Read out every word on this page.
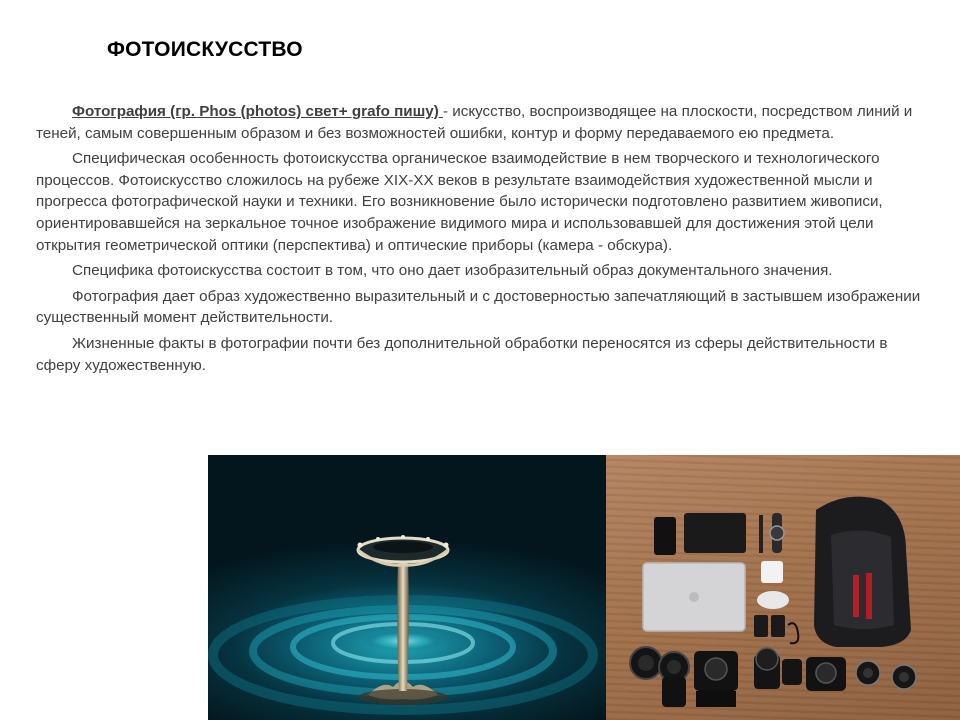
ФОТОИСКУССТВО

Фотография (гр. Phos (photos) свет+ grafo пишу) - искусство, воспроизводящее на плоскости, посредством линий и теней, самым совершенным образом и без возможностей ошибки, контур и форму передаваемого ею предмета.

Специфическая особенность фотоискусства органическое взаимодействие в нем творческого и технологического процессов. Фотоискусство сложилось на рубеже XIX-XX веков в результате взаимодействия художественной мысли и прогресса фотографической науки и техники. Его возникновение было исторически подготовлено развитием живописи, ориентировавшейся на зеркальное точное изображение видимого мира и использовавшей для достижения этой цели открытия геометрической оптики (перспектива) и оптические приборы (камера - обскура).

Специфика фотоискусства состоит в том, что оно дает изобразительный образ документального значения.

Фотография дает образ художественно выразительный и с достоверностью запечатляющий в застывшем изображении существенный момент действительности.

Жизненные факты в фотографии почти без дополнительной обработки переносятся из сферы действительности в сферу художественную.
